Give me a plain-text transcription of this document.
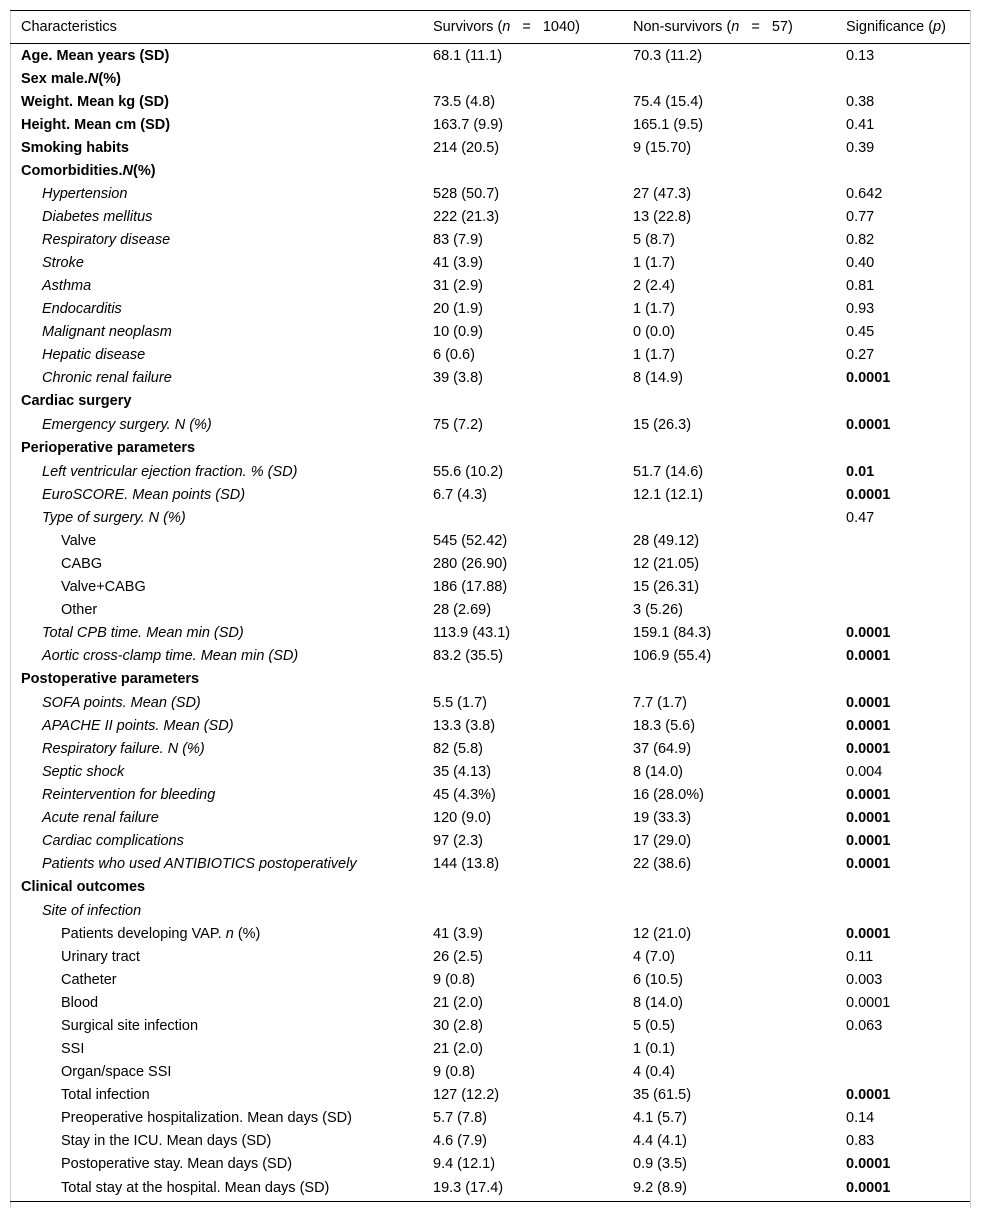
Characteristics	Survivors (n = 1040)	Non-survivors (n = 57)	Significance (p)
Age. Mean years (SD)	68.1 (11.1)	70.3 (11.2)	0.13
Sex male.N(%)			
Weight. Mean kg (SD)	73.5 (4.8)	75.4 (15.4)	0.38
Height. Mean cm (SD)	163.7 (9.9)	165.1 (9.5)	0.41
Smoking habits	214 (20.5)	9 (15.70)	0.39
Comorbidities.N(%)			
Hypertension	528 (50.7)	27 (47.3)	0.642
Diabetes mellitus	222 (21.3)	13 (22.8)	0.77
Respiratory disease	83 (7.9)	5 (8.7)	0.82
Stroke	41 (3.9)	1 (1.7)	0.40
Asthma	31 (2.9)	2 (2.4)	0.81
Endocarditis	20 (1.9)	1 (1.7)	0.93
Malignant neoplasm	10 (0.9)	0 (0.0)	0.45
Hepatic disease	6 (0.6)	1 (1.7)	0.27
Chronic renal failure	39 (3.8)	8 (14.9)	0.0001
Cardiac surgery			
Emergency surgery. N (%)	75 (7.2)	15 (26.3)	0.0001
Perioperative parameters			
Left ventricular ejection fraction. % (SD)	55.6 (10.2)	51.7 (14.6)	0.01
EuroSCORE. Mean points (SD)	6.7 (4.3)	12.1 (12.1)	0.0001
Type of surgery. N (%)			0.47
Valve	545 (52.42)	28 (49.12)	
CABG	280 (26.90)	12 (21.05)	
Valve+CABG	186 (17.88)	15 (26.31)	
Other	28 (2.69)	3 (5.26)	
Total CPB time. Mean min (SD)	113.9 (43.1)	159.1 (84.3)	0.0001
Aortic cross-clamp time. Mean min (SD)	83.2 (35.5)	106.9 (55.4)	0.0001
Postoperative parameters			
SOFA points. Mean (SD)	5.5 (1.7)	7.7 (1.7)	0.0001
APACHE II points. Mean (SD)	13.3 (3.8)	18.3 (5.6)	0.0001
Respiratory failure. N (%)	82 (5.8)	37 (64.9)	0.0001
Septic shock	35 (4.13)	8 (14.0)	0.004
Reintervention for bleeding	45 (4.3%)	16 (28.0%)	0.0001
Acute renal failure	120 (9.0)	19 (33.3)	0.0001
Cardiac complications	97 (2.3)	17 (29.0)	0.0001
Patients who used ANTIBIOTICS postoperatively	144 (13.8)	22 (38.6)	0.0001
Clinical outcomes			
Site of infection			
Patients developing VAP. n (%)	41 (3.9)	12 (21.0)	0.0001
Urinary tract	26 (2.5)	4 (7.0)	0.11
Catheter	9 (0.8)	6 (10.5)	0.003
Blood	21 (2.0)	8 (14.0)	0.0001
Surgical site infection	30 (2.8)	5 (0.5)	0.063
SSI	21 (2.0)	1 (0.1)	
Organ/space SSI	9 (0.8)	4 (0.4)	
Total infection	127 (12.2)	35 (61.5)	0.0001
Preoperative hospitalization. Mean days (SD)	5.7 (7.8)	4.1 (5.7)	0.14
Stay in the ICU. Mean days (SD)	4.6 (7.9)	4.4 (4.1)	0.83
Postoperative stay. Mean days (SD)	9.4 (12.1)	0.9 (3.5)	0.0001
Total stay at the hospital. Mean days (SD)	19.3 (17.4)	9.2 (8.9)	0.0001
